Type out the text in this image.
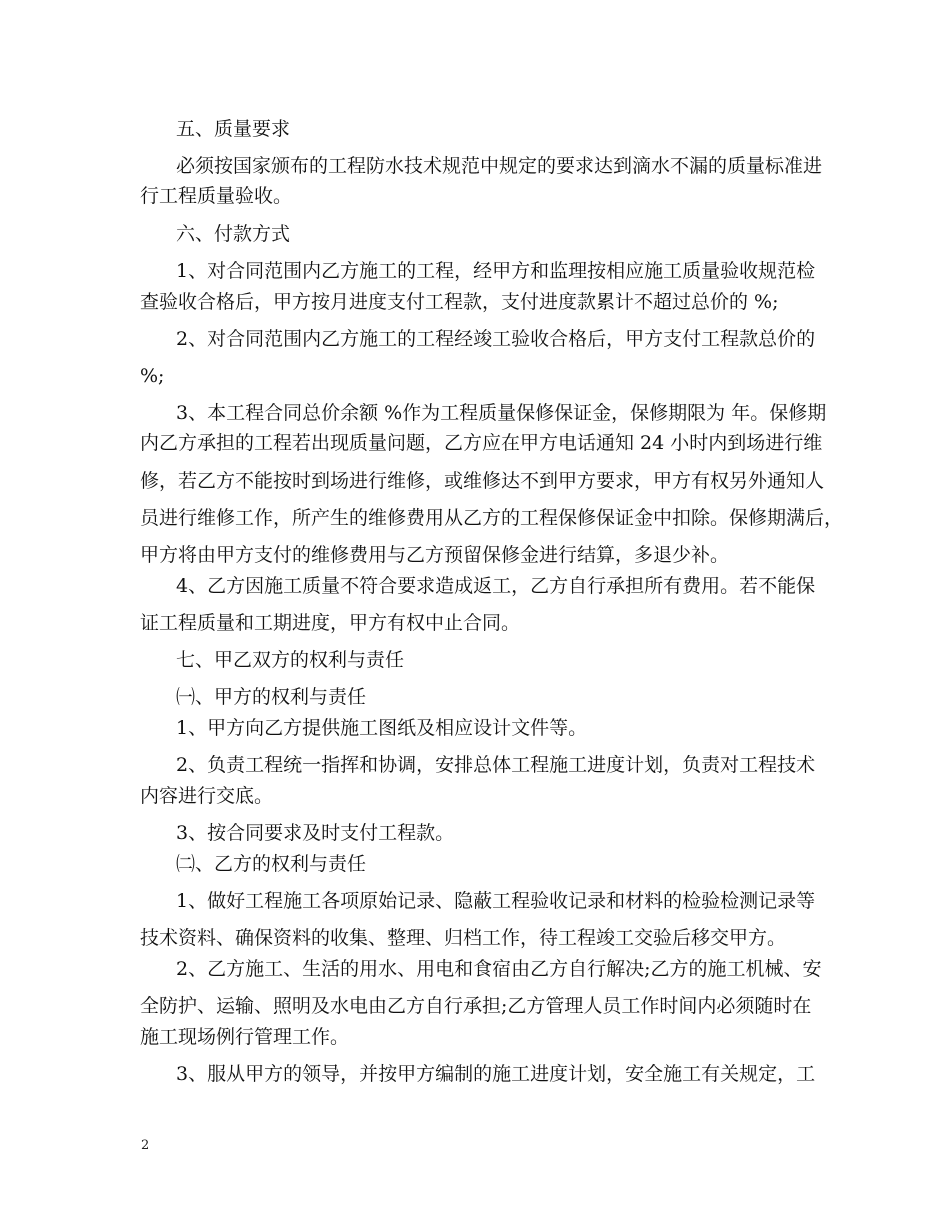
五、质量要求
必须按国家颁布的工程防水技术规范中规定的要求达到滴水不漏的质量标准进
行工程质量验收。
六、付款方式
1、对合同范围内乙方施工的工程，经甲方和监理按相应施工质量验收规范检
查验收合格后，甲方按月进度支付工程款，支付进度款累计不超过总价的 %;
2、对合同范围内乙方施工的工程经竣工验收合格后，甲方支付工程款总价的
%;
3、本工程合同总价余额 %作为工程质量保修保证金，保修期限为 年。保修期
内乙方承担的工程若出现质量问题，乙方应在甲方电话通知 24 小时内到场进行维
修，若乙方不能按时到场进行维修，或维修达不到甲方要求，甲方有权另外通知人
员进行维修工作，所产生的维修费用从乙方的工程保修保证金中扣除。保修期满后，
甲方将由甲方支付的维修费用与乙方预留保修金进行结算，多退少补。
4、乙方因施工质量不符合要求造成返工，乙方自行承担所有费用。若不能保
证工程质量和工期进度，甲方有权中止合同。
七、甲乙双方的权利与责任
㈠、甲方的权利与责任
1、甲方向乙方提供施工图纸及相应设计文件等。
2、负责工程统一指挥和协调，安排总体工程施工进度计划，负责对工程技术
内容进行交底。
3、按合同要求及时支付工程款。
㈡、乙方的权利与责任
1、做好工程施工各项原始记录、隐蔽工程验收记录和材料的检验检测记录等
技术资料、确保资料的收集、整理、归档工作，待工程竣工交验后移交甲方。
2、乙方施工、生活的用水、用电和食宿由乙方自行解决;乙方的施工机械、安
全防护、运输、照明及水电由乙方自行承担;乙方管理人员工作时间内必须随时在
施工现场例行管理工作。
3、服从甲方的领导，并按甲方编制的施工进度计划，安全施工有关规定，工
2
